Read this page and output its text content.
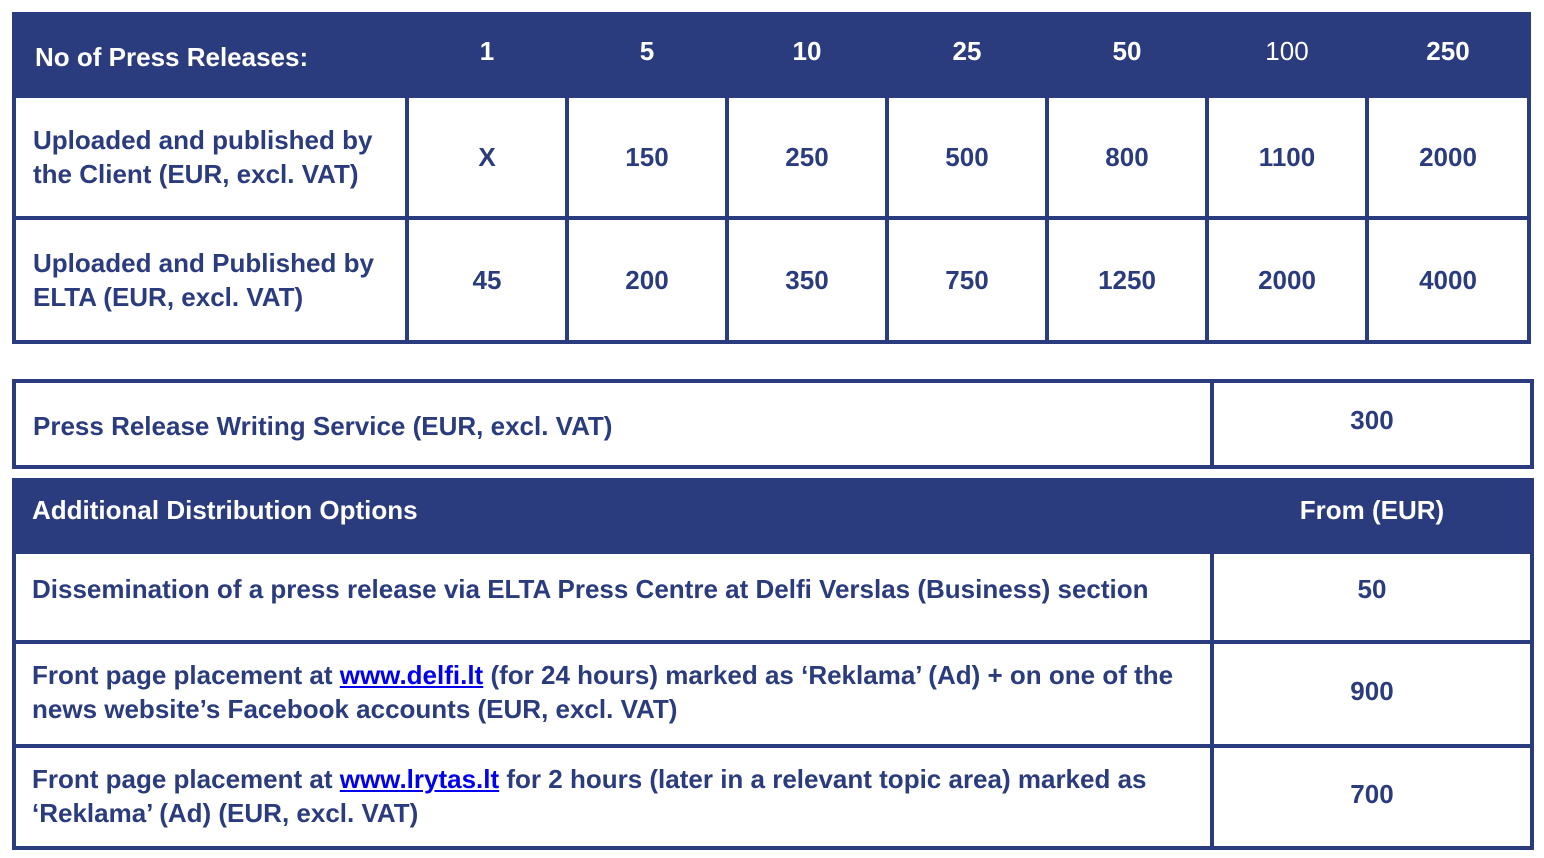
No of Press Releases:	1	5	10	25	50	100	250
Uploaded and published by the Client (EUR, excl. VAT)	X	150	250	500	800	1100	2000
Uploaded and Published by ELTA (EUR, excl. VAT)	45	200	350	750	1250	2000	4000
Press Release Writing Service (EUR, excl. VAT)	300
Additional Distribution Options	From (EUR)
Dissemination of a press release via ELTA Press Centre at Delfi Verslas (Business) section	50
Front page placement at www.delfi.lt (for 24 hours) marked as ‘Reklama’ (Ad) + on one of the news website’s Facebook accounts (EUR, excl. VAT)	900
Front page placement at www.lrytas.lt for 2 hours (later in a relevant topic area) marked as ‘Reklama’ (Ad) (EUR, excl. VAT)	700
